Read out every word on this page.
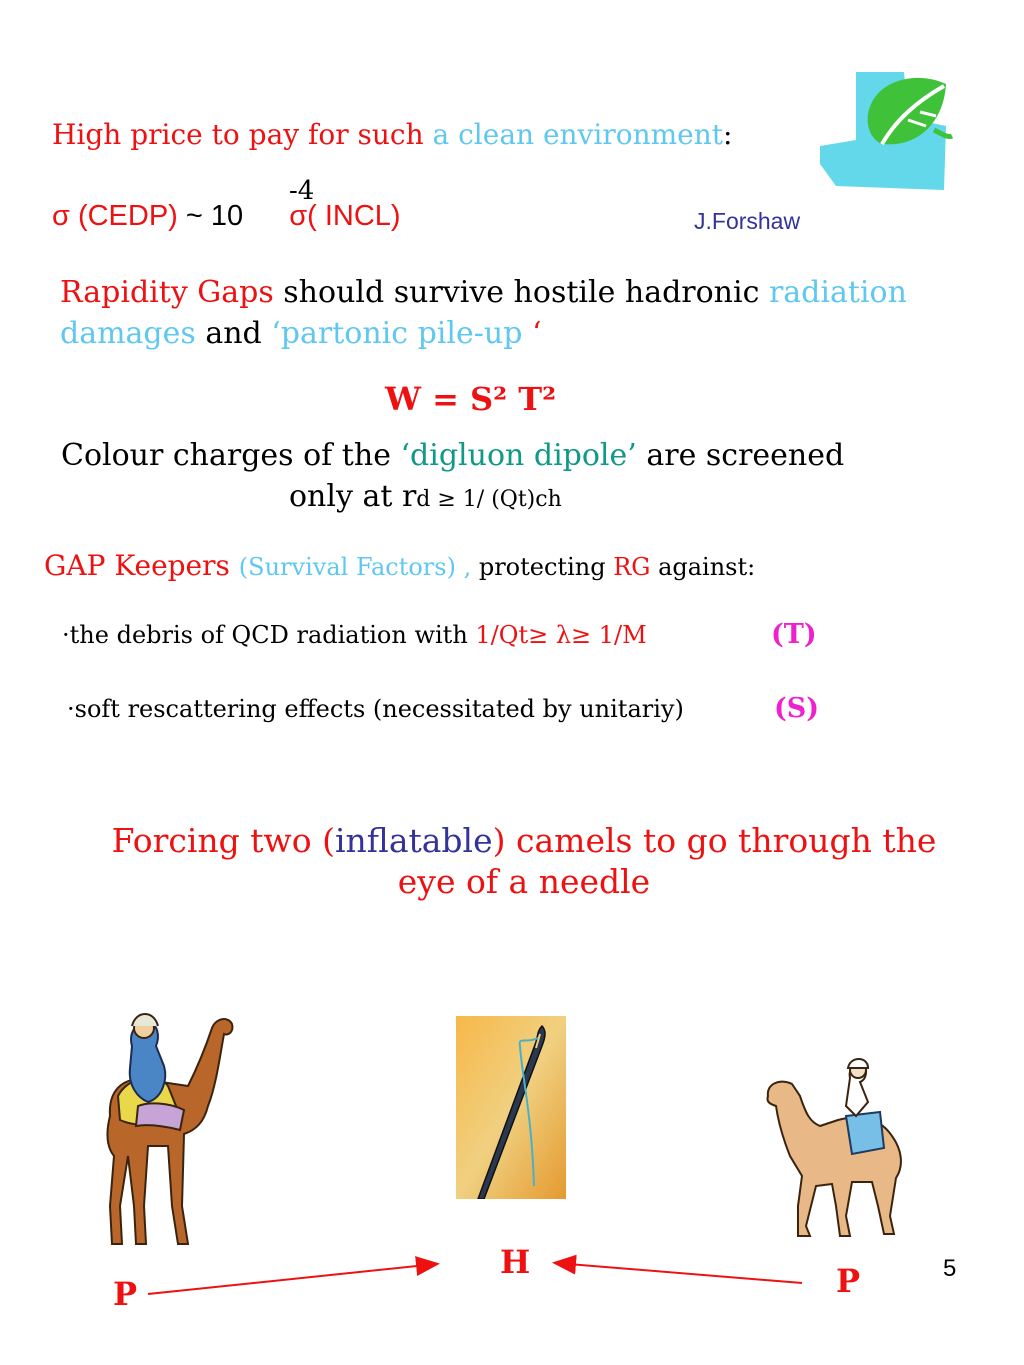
High price to pay for such a clean environment:
σ (CEDP) ~ 10
-4
σ( INCL)	J.Forshaw
Rapidity Gaps should survive hostile hadronic radiation damages and ‘partonic pile-up ‘
W = S² T²
Colour charges of the ‘digluon dipole’ are screened
only at rd ≥ 1/ (Qt)ch
GAP Keepers (Survival Factors) , protecting RG against:
·the debris of QCD radiation with 1/Qt≥ λ≥ 1/M	(T)
·soft rescattering effects (necessitated by unitariy)	(S)
Forcing two (inflatable) camels to go through the eye of a needle
H
P	P	5
